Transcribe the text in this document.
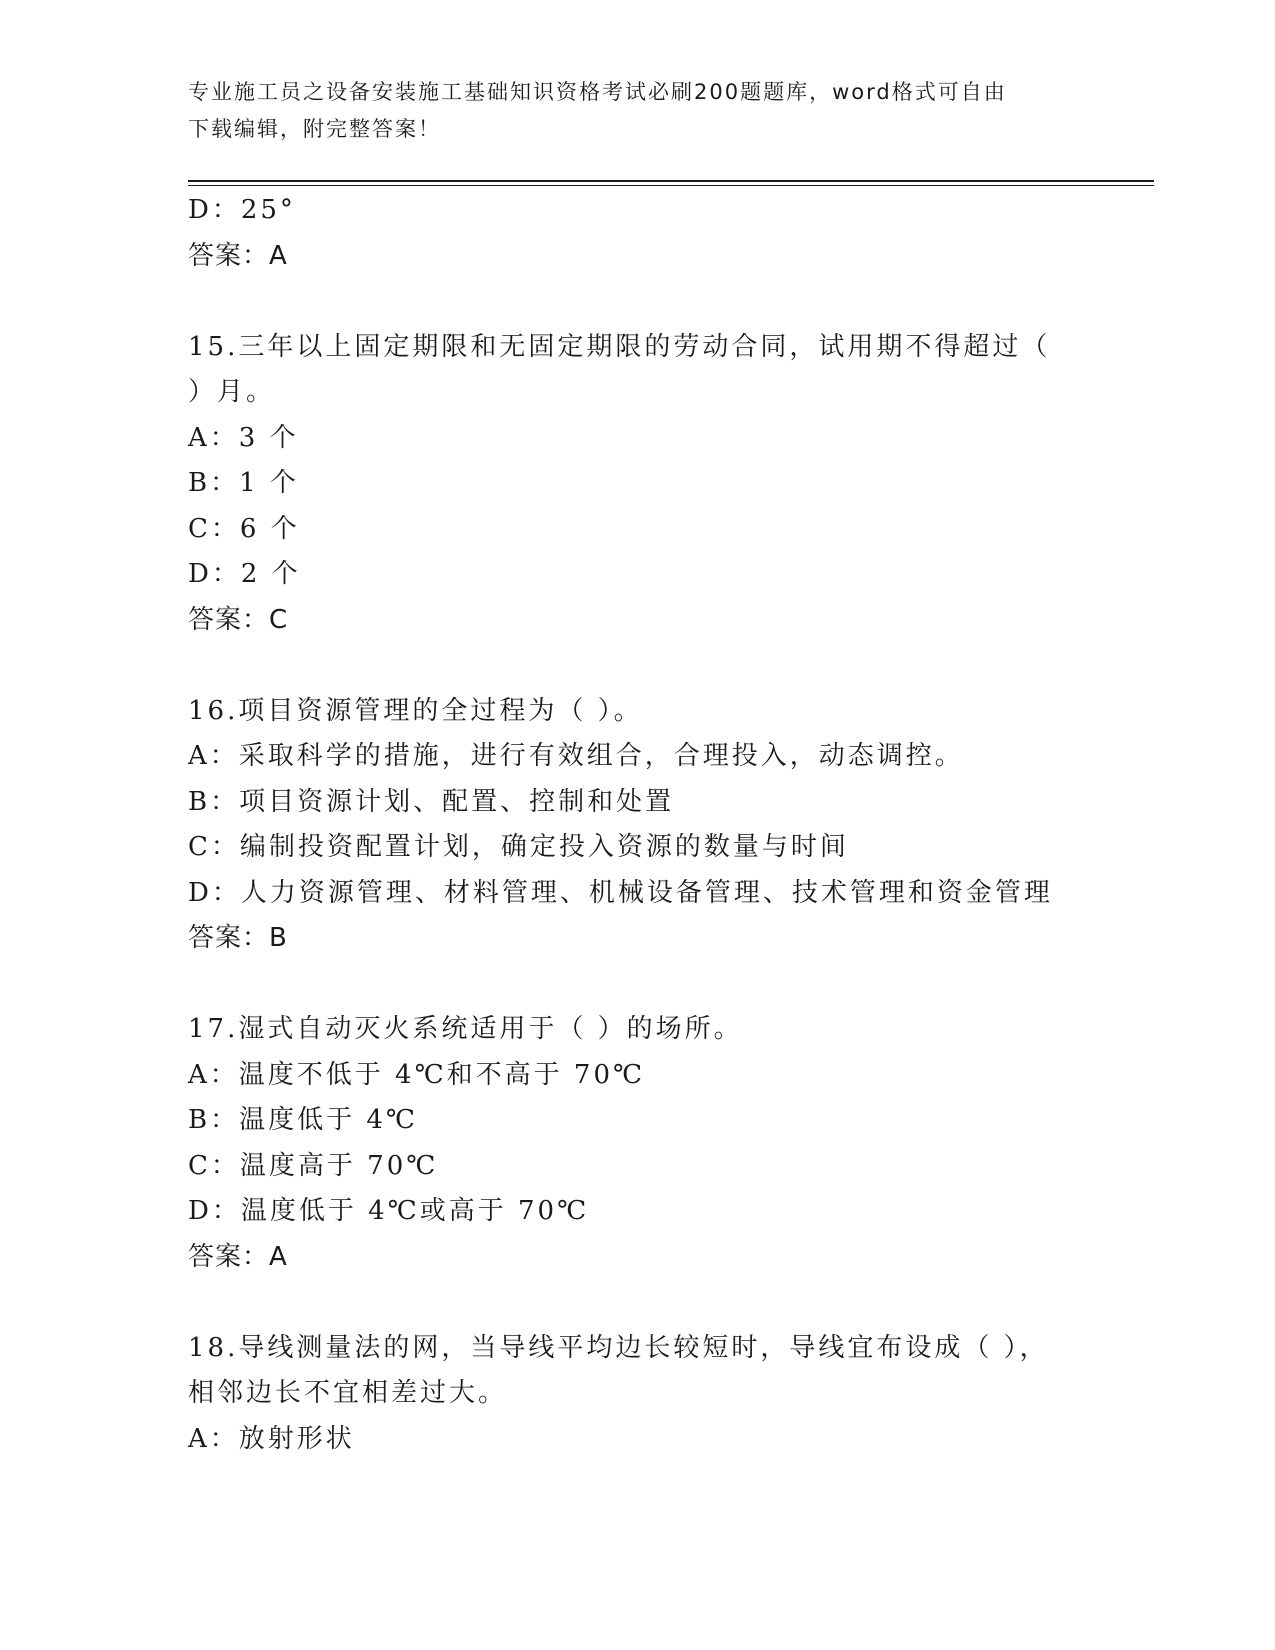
专业施工员之设备安装施工基础知识资格考试必刷200题题库，word格式可自由
下载编辑，附完整答案！
D：25°
答案：A
15.三年以上固定期限和无固定期限的劳动合同，试用期不得超过（
）月。
A：3 个
B：1 个
C：6 个
D：2 个
答案：C
16.项目资源管理的全过程为（ ）。
A：采取科学的措施，进行有效组合，合理投入，动态调控。
B：项目资源计划、配置、控制和处置
C：编制投资配置计划，确定投入资源的数量与时间
D：人力资源管理、材料管理、机械设备管理、技术管理和资金管理
答案：B
17.湿式自动灭火系统适用于（ ）的场所。
A：温度不低于 4℃和不高于 70℃
B：温度低于 4℃
C：温度高于 70℃
D：温度低于 4℃或高于 70℃
答案：A
18.导线测量法的网，当导线平均边长较短时，导线宜布设成（ ），
相邻边长不宜相差过大。
A：放射形状
